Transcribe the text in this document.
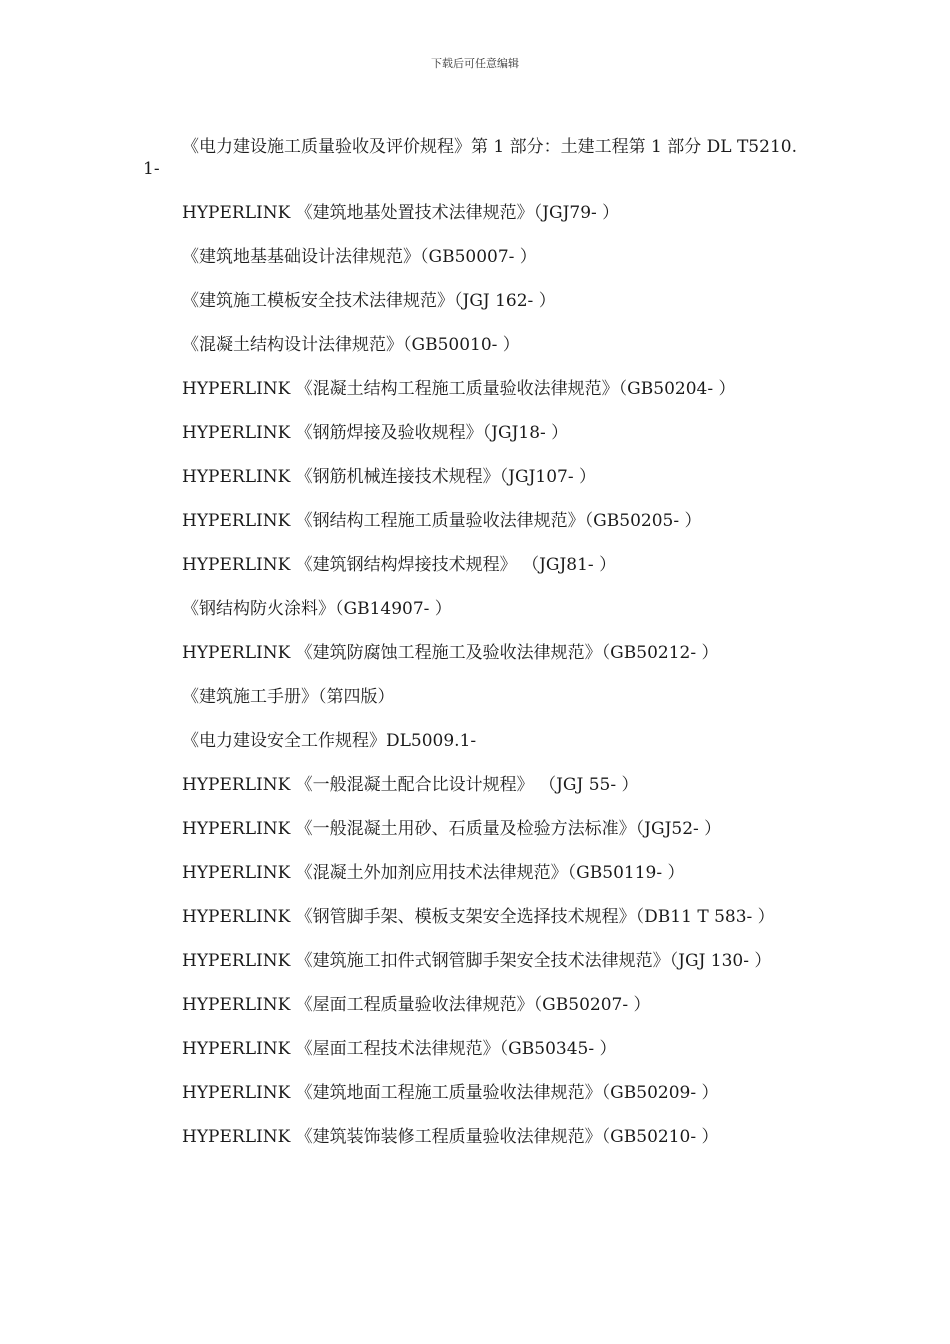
下载后可任意编辑

《电力建设施工质量验收及评价规程》第 1 部分：土建工程第 1 部分 DL T5210.1-

HYPERLINK 《建筑地基处置技术法律规范》（JGJ79- ）

《建筑地基基础设计法律规范》（GB50007- ）

《建筑施工模板安全技术法律规范》（JGJ 162- ）

《混凝土结构设计法律规范》（GB50010- ）

HYPERLINK 《混凝土结构工程施工质量验收法律规范》（GB50204- ）

HYPERLINK 《钢筋焊接及验收规程》（JGJ18- ）

HYPERLINK 《钢筋机械连接技术规程》（JGJ107- ）

HYPERLINK 《钢结构工程施工质量验收法律规范》（GB50205- ）

HYPERLINK 《建筑钢结构焊接技术规程》 （JGJ81- ）

《钢结构防火涂料》（GB14907- ）

HYPERLINK 《建筑防腐蚀工程施工及验收法律规范》（GB50212- ）

《建筑施工手册》（第四版）

《电力建设安全工作规程》DL5009.1-

HYPERLINK 《一般混凝土配合比设计规程》 （JGJ 55- ）

HYPERLINK 《一般混凝土用砂、石质量及检验方法标准》（JGJ52- ）

HYPERLINK 《混凝土外加剂应用技术法律规范》（GB50119- ）

HYPERLINK 《钢管脚手架、模板支架安全选择技术规程》（DB11 T 583- ）

HYPERLINK 《建筑施工扣件式钢管脚手架安全技术法律规范》（JGJ 130- ）

HYPERLINK 《屋面工程质量验收法律规范》（GB50207- ）

HYPERLINK 《屋面工程技术法律规范》（GB50345- ）

HYPERLINK 《建筑地面工程施工质量验收法律规范》（GB50209- ）

HYPERLINK 《建筑装饰装修工程质量验收法律规范》（GB50210- ）
